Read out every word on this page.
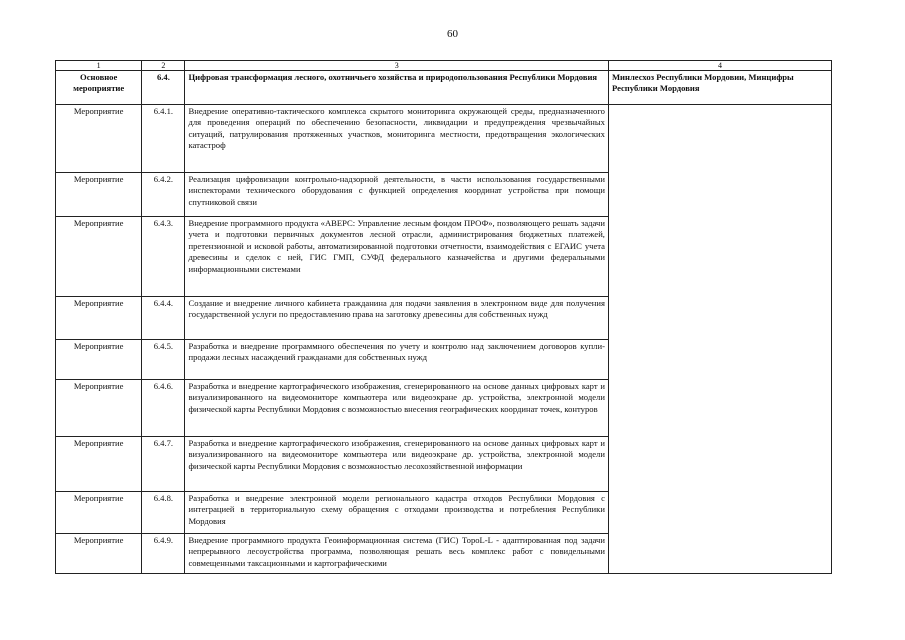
60
1	2	3	4
Основное мероприятие	6.4.	Цифровая трансформация лесного, охотничьего хозяйства и природопользования Республики Мордовия	Минлесхоз Республики Мордовии, Минцифры Республики Мордовия
Мероприятие	6.4.1.	Внедрение оперативно-тактического комплекса скрытого мониторинга окружающей среды, предназначенного для проведения операций по обеспечению безопасности, ликвидации и предупреждения чрезвычайных ситуаций, патрулирования протяженных участков, мониторинга местности, предотвращения экологических катастроф	
Мероприятие	6.4.2.	Реализация цифровизации контрольно-надзорной деятельности, в части использования государственными инспекторами технического оборудования с функцией определения координат устройства при помощи спутниковой связи	
Мероприятие	6.4.3.	Внедрение программного продукта «АВЕРС: Управление лесным фондом ПРОФ», позволяющего решать задачи учета и подготовки первичных документов лесной отрасли, администрирования бюджетных платежей, претензионной и исковой работы, автоматизированной подготовки отчетности, взаимодействия с ЕГАИС учета древесины и сделок с ней, ГИС ГМП, СУФД федерального казначейства и другими федеральными информационными системами	
Мероприятие	6.4.4.	Создание и внедрение личного кабинета гражданина для подачи заявления в электронном виде для получения государственной услуги по предоставлению права на заготовку древесины для собственных нужд	
Мероприятие	6.4.5.	Разработка и внедрение программного обеспечения по учету и контролю над заключением договоров купли-продажи лесных насаждений гражданами для собственных нужд	
Мероприятие	6.4.6.	Разработка и внедрение картографического изображения, сгенерированного на основе данных цифровых карт и визуализированного на видеомониторе компьютера или видеоэкране др. устройства, электронной модели физической карты Республики Мордовия с возможностью внесения географических координат точек, контуров	
Мероприятие	6.4.7.	Разработка и внедрение картографического изображения, сгенерированного на основе данных цифровых карт и визуализированного на видеомониторе компьютера или видеоэкране др. устройства, электронной модели физической карты Республики Мордовия с возможностью лесохозяйственной информации	
Мероприятие	6.4.8.	Разработка и внедрение электронной модели регионального кадастра отходов Республики Мордовия с интеграцией в территориальную схему обращения с отходами производства и потребления Республики Мордовия	
Мероприятие	6.4.9.	Внедрение программного продукта Геоинформационная система (ГИС) TopoL-L - адаптированная под задачи непрерывного лесоустройства программа, позволяющая решать весь комплекс работ с повидельными совмещенными таксационными и картографическими	
